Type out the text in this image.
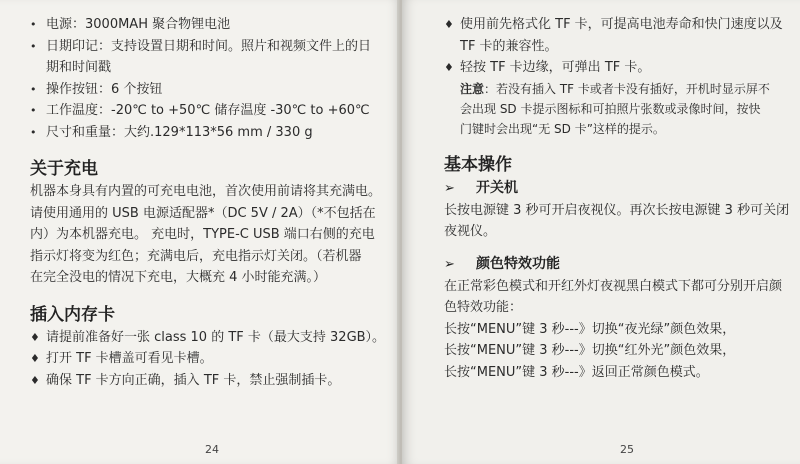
• 电源：3000MAH 聚合物锂电池
• 日期印记：支持设置日期和时间。照片和视频文件上的日
期和时间戳
• 操作按钮：6 个按钮
• 工作温度：-20℃ to +50℃ 储存温度 -30℃ to +60℃
• 尺寸和重量：大约.129*113*56 mm / 330 g
关于充电
机器本身具有内置的可充电电池，首次使用前请将其充满电。
请使用通用的 USB 电源适配器*（DC 5V / 2A）（*不包括在
内）为本机器充电。 充电时，TYPE-C USB 端口右侧的充电
指示灯将变为红色；充满电后，充电指示灯关闭。（若机器
在完全没电的情况下充电，大概充 4 小时能充满。）
插入内存卡
♦ 请提前准备好一张 class 10 的 TF 卡（最大支持 32GB）。
♦ 打开 TF 卡槽盖可看见卡槽。
♦ 确保 TF 卡方向正确，插入 TF 卡，禁止强制插卡。
24
♦ 使用前先格式化 TF 卡，可提高电池寿命和快门速度以及
TF 卡的兼容性。
♦ 轻按 TF 卡边缘，可弹出 TF 卡。
注意：若没有插入 TF 卡或者卡没有插好，开机时显示屏不
会出现 SD 卡提示图标和可拍照片张数或录像时间，按快
门键时会出现“无 SD 卡”这样的提示。
基本操作
➢ 开关机
长按电源键 3 秒可开启夜视仪。再次长按电源键 3 秒可关闭
夜视仪。
➢ 颜色特效功能
在正常彩色模式和开红外灯夜视黑白模式下都可分别开启颜
色特效功能：
长按“MENU”键 3 秒---》切换“夜光绿”颜色效果，
长按“MENU”键 3 秒---》切换“红外光”颜色效果，
长按“MENU”键 3 秒---》返回正常颜色模式。
25
